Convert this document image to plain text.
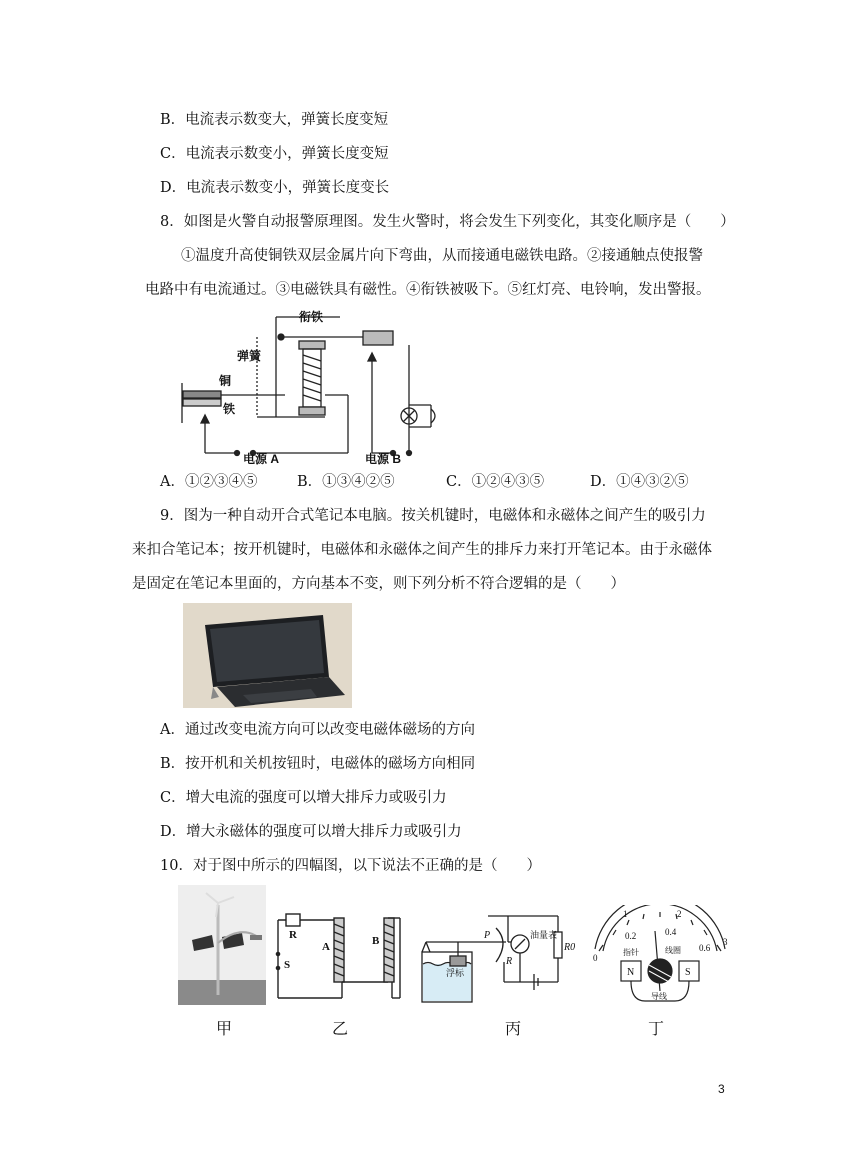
B．电流表示数变大，弹簧长度变短
C．电流表示数变小，弹簧长度变短
D．电流表示数变小，弹簧长度变长
8．如图是火警自动报警原理图。发生火警时，将会发生下列变化，其变化顺序是（　　）
①温度升高使铜铁双层金属片向下弯曲，从而接通电磁铁电路。②接通触点使报警
电路中有电流通过。③电磁铁具有磁性。④衔铁被吸下。⑤红灯亮、电铃响，发出警报。
衔铁
弹簧
铜
铁
电源 A	电源 B
A．①②③④⑤	B．①③④②⑤	C．①②④③⑤	D．①④③②⑤
9．图为一种自动开合式笔记本电脑。按关机键时，电磁体和永磁体之间产生的吸引力
来扣合笔记本；按开机键时，电磁体和永磁体之间产生的排斥力来打开笔记本。由于永磁体
是固定在笔记本里面的，方向基本不变，则下列分析不符合逻辑的是（　　）
A．通过改变电流方向可以改变电磁体磁场的方向
B．按开机和关机按钮时，电磁体的磁场方向相同
C．增大电流的强度可以增大排斥力或吸引力
D．增大永磁体的强度可以增大排斥力或吸引力
10．对于图中所示的四幅图，以下说法不正确的是（　　）
R
S
A	B	P
浮标
R
油量表
R0
0
1	2
3
0.2	0.4
0.6
指针	线圈
N	S
导线
甲	乙	丙	丁
3
